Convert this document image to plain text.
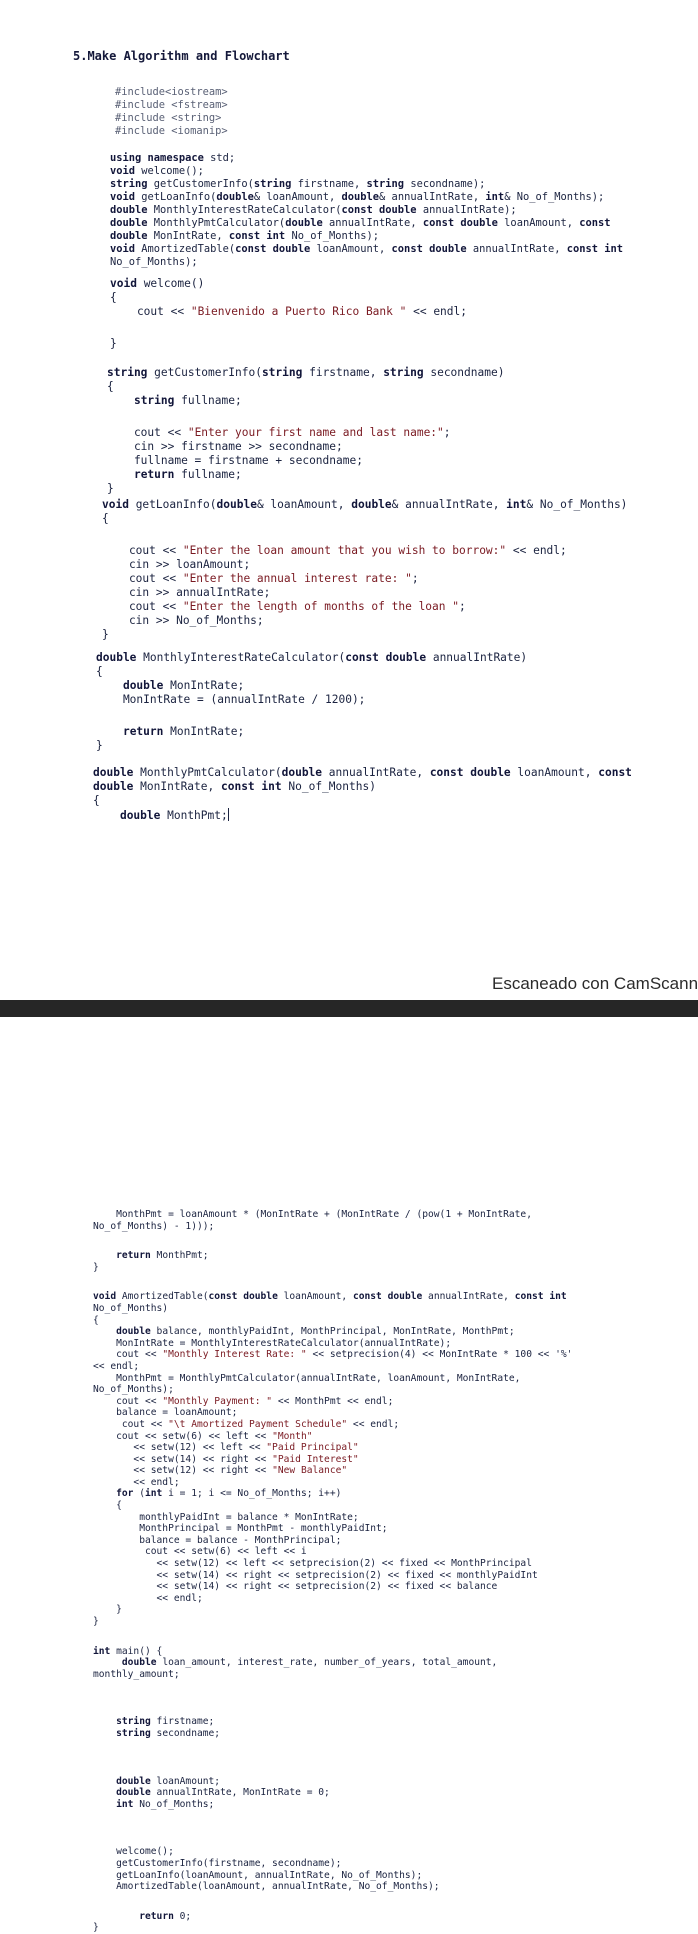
5.Make Algorithm and Flowchart
#include<iostream>
#include <fstream>
#include <string>
#include <iomanip>
using namespace std;
void welcome();
string getCustomerInfo(string firstname, string secondname);
void getLoanInfo(double& loanAmount, double& annualIntRate, int& No_of_Months);
double MonthlyInterestRateCalculator(const double annualIntRate);
double MonthlyPmtCalculator(double annualIntRate, const double loanAmount, const
double MonIntRate, const int No_of_Months);
void AmortizedTable(const double loanAmount, const double annualIntRate, const int
No_of_Months);
void welcome()
{
cout << "Bienvenido a Puerto Rico Bank " << endl;
}
string getCustomerInfo(string firstname, string secondname)
{
string fullname;
cout << "Enter your first name and last name:";
cin >> firstname >> secondname;
fullname = firstname + secondname;
return fullname;
}
void getLoanInfo(double& loanAmount, double& annualIntRate, int& No_of_Months)
{
cout << "Enter the loan amount that you wish to borrow:" << endl;
cin >> loanAmount;
cout << "Enter the annual interest rate: ";
cin >> annualIntRate;
cout << "Enter the length of months of the loan ";
cin >> No_of_Months;
}
double MonthlyInterestRateCalculator(const double annualIntRate)
{
double MonIntRate;
MonIntRate = (annualIntRate / 1200);
return MonIntRate;
}
double MonthlyPmtCalculator(double annualIntRate, const double loanAmount, const
double MonIntRate, const int No_of_Months)
{
double MonthPmt;
Escaneado con CamScann
MonthPmt = loanAmount * (MonIntRate + (MonIntRate / (pow(1 + MonIntRate,
No_of_Months) - 1)));
return MonthPmt;
}
void AmortizedTable(const double loanAmount, const double annualIntRate, const int
No_of_Months)
{
double balance, monthlyPaidInt, MonthPrincipal, MonIntRate, MonthPmt;
MonIntRate = MonthlyInterestRateCalculator(annualIntRate);
cout << "Monthly Interest Rate: " << setprecision(4) << MonIntRate * 100 << '%'
<< endl;
MonthPmt = MonthlyPmtCalculator(annualIntRate, loanAmount, MonIntRate,
No_of_Months);
cout << "Monthly Payment: " << MonthPmt << endl;
balance = loanAmount;
cout << "\t Amortized Payment Schedule" << endl;
cout << setw(6) << left << "Month"
<< setw(12) << left << "Paid Principal"
<< setw(14) << right << "Paid Interest"
<< setw(12) << right << "New Balance"
<< endl;
for (int i = 1; i <= No_of_Months; i++)
{
monthlyPaidInt = balance * MonIntRate;
MonthPrincipal = MonthPmt - monthlyPaidInt;
balance = balance - MonthPrincipal;
cout << setw(6) << left << i
<< setw(12) << left << setprecision(2) << fixed << MonthPrincipal
<< setw(14) << right << setprecision(2) << fixed << monthlyPaidInt
<< setw(14) << right << setprecision(2) << fixed << balance
<< endl;
}
}
int main() {
double loan_amount, interest_rate, number_of_years, total_amount,
monthly_amount;
string firstname;
string secondname;
double loanAmount;
double annualIntRate, MonIntRate = 0;
int No_of_Months;
welcome();
getCustomerInfo(firstname, secondname);
getLoanInfo(loanAmount, annualIntRate, No_of_Months);
AmortizedTable(loanAmount, annualIntRate, No_of_Months);
return 0;
}
